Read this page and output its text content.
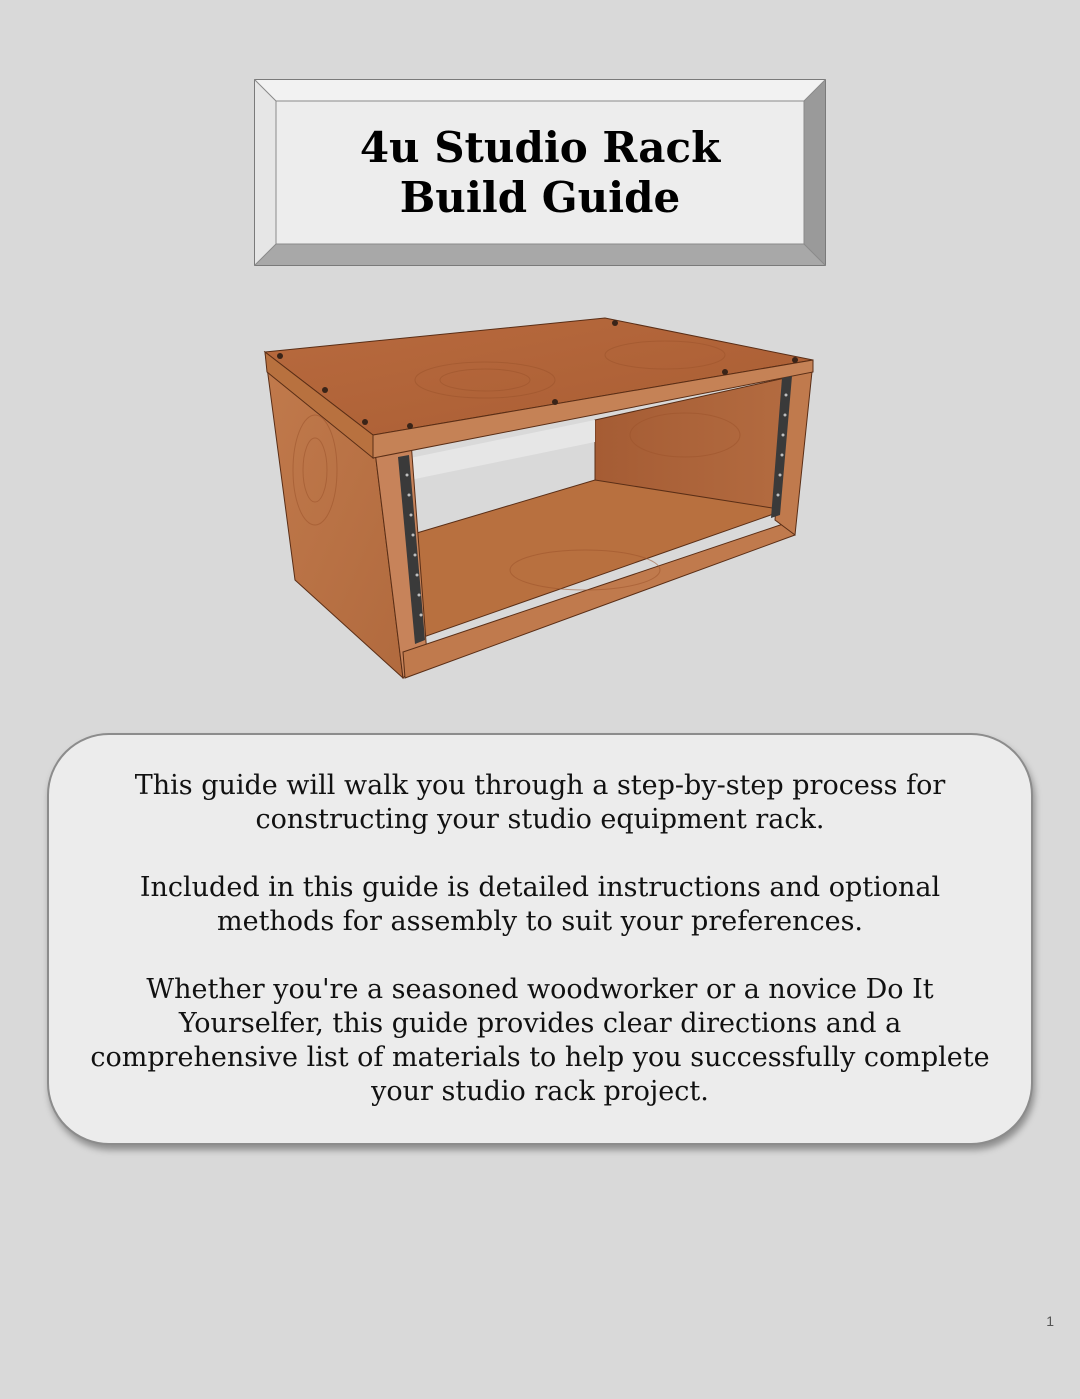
4u Studio Rack
Build Guide

This guide will walk you through a step-by-step process for constructing your studio equipment rack.

Included in this guide is detailed instructions and optional methods for assembly to suit your preferences.

Whether you're a seasoned woodworker or a novice Do It Yourselfer, this guide provides clear directions and a comprehensive list of materials to help you successfully complete your studio rack project.

1
